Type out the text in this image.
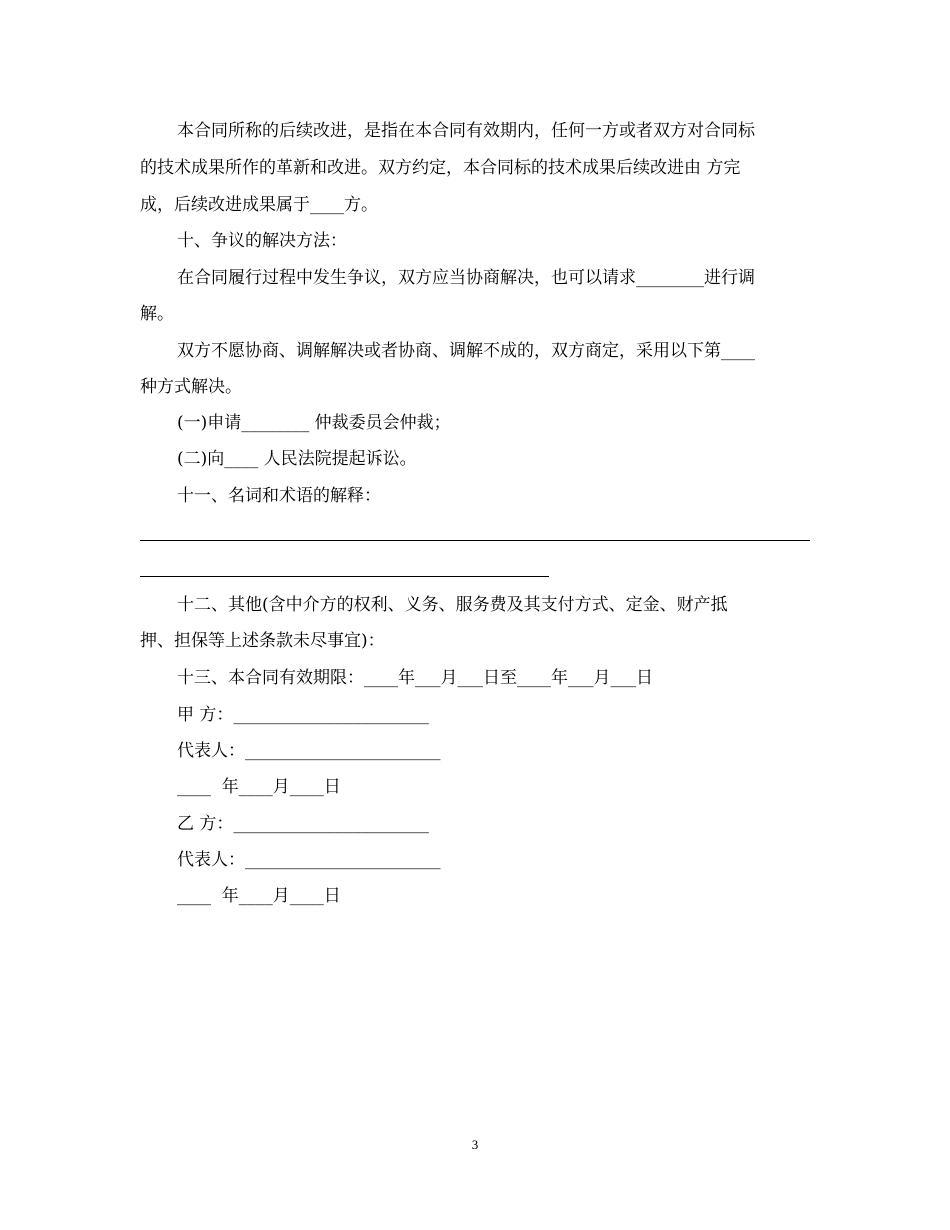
本合同所称的后续改进，是指在本合同有效期内，任何一方或者双方对合同标
的技术成果所作的革新和改进。双方约定，本合同标的技术成果后续改进由 方完
成，后续改进成果属于____方。
十、争议的解决方法：
在合同履行过程中发生争议，双方应当协商解决，也可以请求________进行调
解。
双方不愿协商、调解解决或者协商、调解不成的，双方商定，采用以下第____
种方式解决。
(一)申请________ 仲裁委员会仲裁；
(二)向____ 人民法院提起诉讼。
十一、名词和术语的解释：
十二、其他(含中介方的权利、义务、服务费及其支付方式、定金、财产抵
押、担保等上述条款未尽事宜)：
十三、本合同有效期限：____年___月___日至____年___月___日
甲 方：_______________________
代表人：_______________________
____  年____月____日
乙 方：_______________________
代表人：_______________________
____  年____月____日
3
